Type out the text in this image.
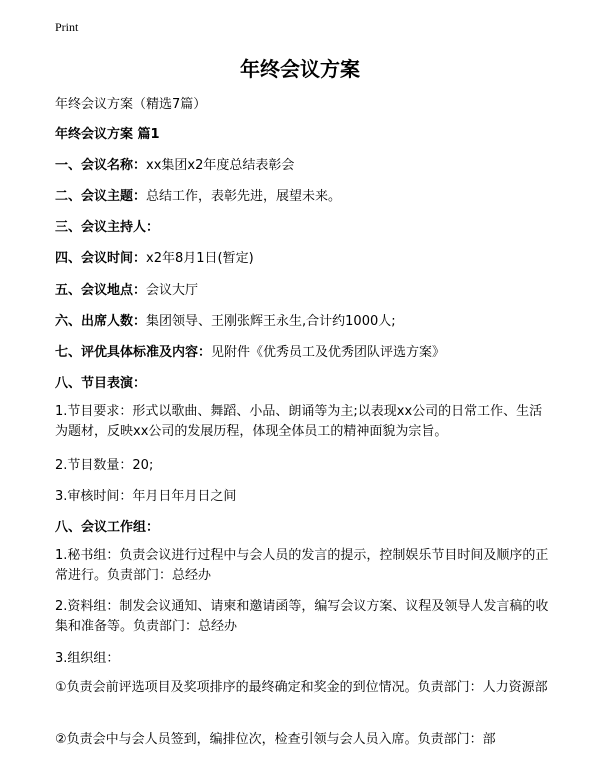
Print
年终会议方案
年终会议方案（精选7篇）
年终会议方案 篇1
一、会议名称：xx集团x2年度总结表彰会
二、会议主题：总结工作，表彰先进，展望未来。
三、会议主持人：
四、会议时间：x2年8月1日(暂定)
五、会议地点：会议大厅
六、出席人数：集团领导、王刚张辉王永生,合计约1000人;
七、评优具体标准及内容：见附件《优秀员工及优秀团队评选方案》
八、节目表演：
1.节目要求：形式以歌曲、舞蹈、小品、朗诵等为主;以表现xx公司的日常工作、生活为题材，反映xx公司的发展历程，体现全体员工的精神面貌为宗旨。
2.节目数量：20;
3.审核时间：年月日年月日之间
八、会议工作组：
1.秘书组：负责会议进行过程中与会人员的发言的提示，控制娱乐节目时间及顺序的正常进行。负责部门：总经办
2.资料组：制发会议通知、请柬和邀请函等，编写会议方案、议程及领导人发言稿的收集和准备等。负责部门：总经办
3.组织组：
①负责会前评选项目及奖项排序的最终确定和奖金的到位情况。负责部门：人力资源部
②负责会中与会人员签到，编排位次，检查引领与会人员入席。负责部门：部
